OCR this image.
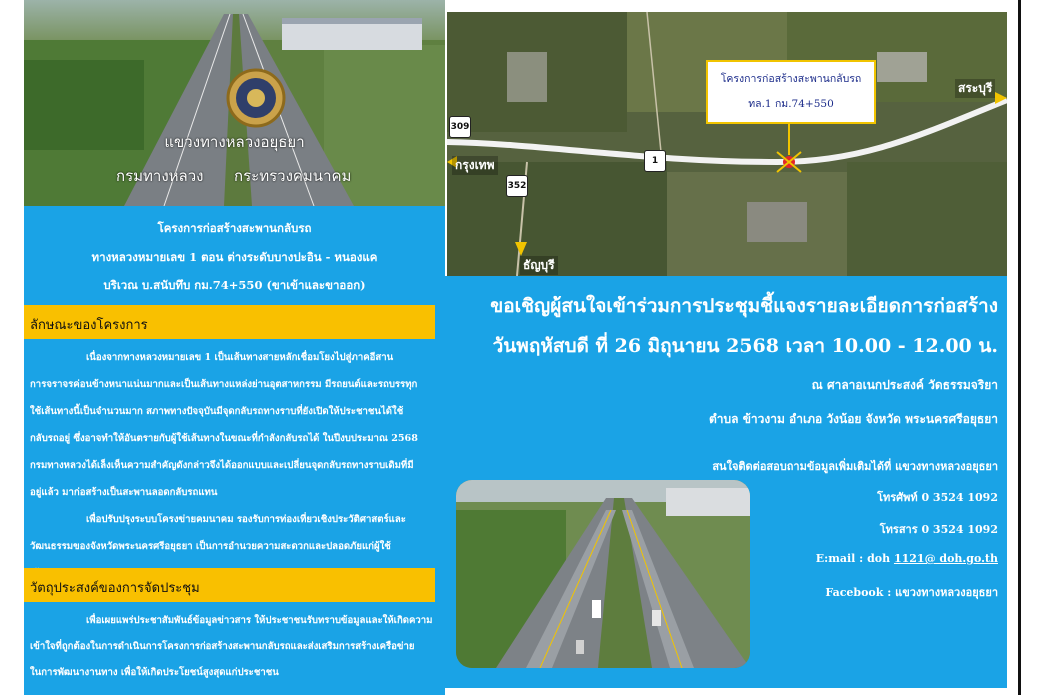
แขวงทางหลวงอยุธยา
กรมทางหลวง กระทรวงคมนาคม
โครงการก่อสร้างสะพานกลับรถ
ทางหลวงหมายเลข 1 ตอน ต่างระดับบางปะอิน - หนองแค
บริเวณ บ.สนับทึบ กม.74+550 (ขาเข้าและขาออก)
ลักษณะของโครงการ

เนื่องจากทางหลวงหมายเลข 1 เป็นเส้นทางสายหลักเชื่อมโยงไปสู่ภาคอีสาน

การจราจรค่อนข้างหนาแน่นมากและเป็นเส้นทางแหล่งย่านอุตสาหกรรม มีรถยนต์และรถบรรทุก

ใช้เส้นทางนี้เป็นจำนวนมาก สภาพทางปัจจุบันมีจุดกลับรถทางราบที่ยังเปิดให้ประชาชนได้ใช้

กลับรถอยู่ ซึ่งอาจทำให้อันตรายกับผู้ใช้เส้นทางในขณะที่กำลังกลับรถได้ ในปีงบประมาณ 2568

กรมทางหลวงได้เล็งเห็นความสำคัญดังกล่าวจึงได้ออกแบบและเปลี่ยนจุดกลับรถทางราบเดิมที่มี

อยู่แล้ว มาก่อสร้างเป็นสะพานลอดกลับรถแทน

เพื่อปรับปรุงระบบโครงข่ายคมนาคม รองรับการท่องเที่ยวเชิงประวัติศาสตร์และ

วัฒนธรรมของจังหวัดพระนครศรีอยุธยา เป็นการอำนวยความสะดวกและปลอดภัยแก่ผู้ใช้

วัตถุประสงค์ของการจัดประชุม

เพื่อเผยแพร่ประชาสัมพันธ์ข้อมูลข่าวสาร ให้ประชาชนรับทราบข้อมูลและให้เกิดความ

เข้าใจที่ถูกต้องในการดำเนินการโครงการก่อสร้างสะพานกลับรถและส่งเสริมการสร้างเครือข่าย

ในการพัฒนางานทาง เพื่อให้เกิดประโยชน์สูงสุดแก่ประชาชน

โครงการก่อสร้างสะพานกลับรถ
ทล.1 กม.74+550
สระบุรี
กรุงเทพ
ธัญบุรี
309
1
352
ขอเชิญผู้สนใจเข้าร่วมการประชุมชี้แจงรายละเอียดการก่อสร้าง
วันพฤหัสบดี ที่ 26 มิถุนายน 2568 เวลา 10.00 - 12.00 น.
ณ ศาลาอเนกประสงค์ วัดธรรมจริยา
ตำบล ข้าวงาม อำเภอ วังน้อย จังหวัด พระนครศรีอยุธยา
สนใจติดต่อสอบถามข้อมูลเพิ่มเติมได้ที่ แขวงทางหลวงอยุธยา
โทรศัพท์ 0 3524 1092
โทรสาร 0 3524 1092
E:mail : doh 1121@ doh.go.th
Facebook : แขวงทางหลวงอยุธยา
